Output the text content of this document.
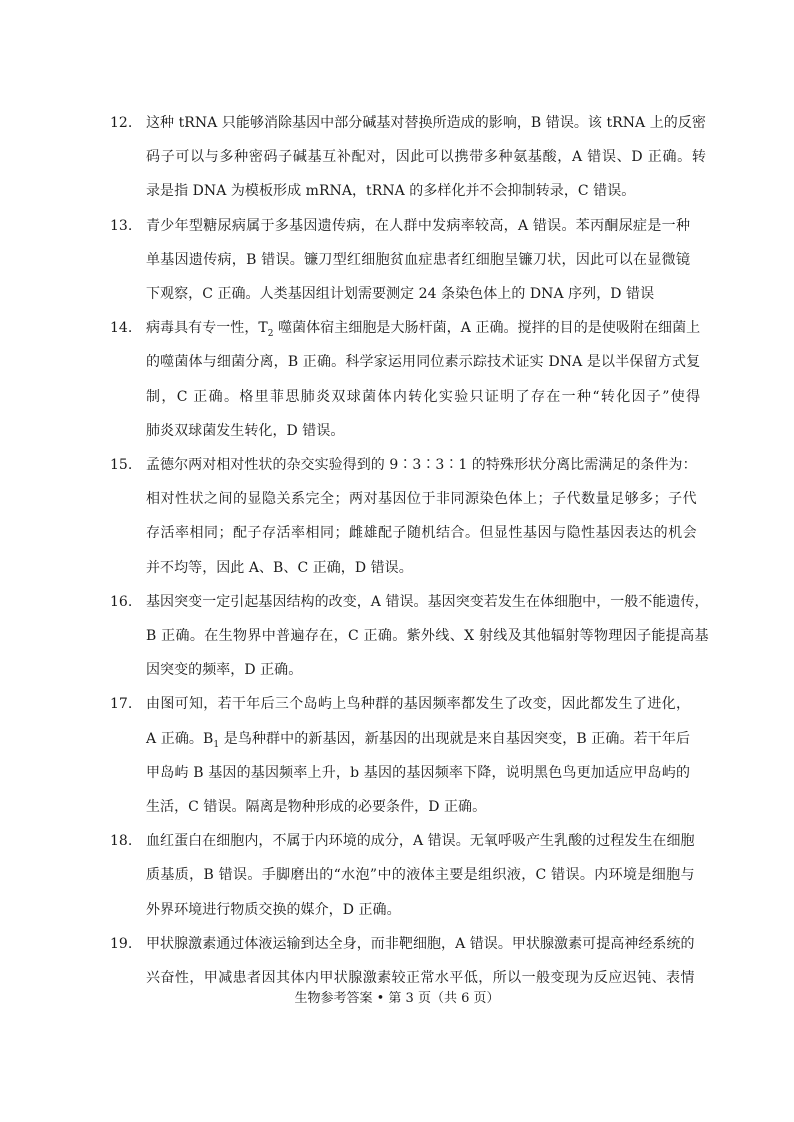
12. 这种 tRNA 只能够消除基因中部分碱基对替换所造成的影响，B 错误。该 tRNA 上的反密
码子可以与多种密码子碱基互补配对，因此可以携带多种氨基酸，A 错误、D 正确。转
录是指 DNA 为模板形成 mRNA，tRNA 的多样化并不会抑制转录，C 错误。
13. 青少年型糖尿病属于多基因遗传病，在人群中发病率较高，A 错误。苯丙酮尿症是一种
单基因遗传病，B 错误。镰刀型红细胞贫血症患者红细胞呈镰刀状，因此可以在显微镜
下观察，C 正确。人类基因组计划需要测定 24 条染色体上的 DNA 序列，D 错误
14. 病毒具有专一性，$T_2$ 噬菌体宿主细胞是大肠杆菌，A 正确。搅拌的目的是使吸附在细菌上
的噬菌体与细菌分离，B 正确。科学家运用同位素示踪技术证实 DNA 是以半保留方式复
制，C 正确。格里菲思肺炎双球菌体内转化实验只证明了存在一种“转化因子”使得
肺炎双球菌发生转化，D 错误。
15. 孟德尔两对相对性状的杂交实验得到的 9∶3∶3∶1 的特殊形状分离比需满足的条件为：
相对性状之间的显隐关系完全；两对基因位于非同源染色体上；子代数量足够多；子代
存活率相同；配子存活率相同；雌雄配子随机结合。但显性基因与隐性基因表达的机会
并不均等，因此 A、B、C 正确，D 错误。
16. 基因突变一定引起基因结构的改变，A 错误。基因突变若发生在体细胞中，一般不能遗传，
B 正确。在生物界中普遍存在，C 正确。紫外线、X 射线及其他辐射等物理因子能提高基
因突变的频率，D 正确。
17. 由图可知，若干年后三个岛屿上鸟种群的基因频率都发生了改变，因此都发生了进化，
A 正确。$B_1$ 是鸟种群中的新基因，新基因的出现就是来自基因突变，B 正确。若干年后
甲岛屿 B 基因的基因频率上升，b 基因的基因频率下降，说明黑色鸟更加适应甲岛屿的
生活，C 错误。隔离是物种形成的必要条件，D 正确。
18. 血红蛋白在细胞内，不属于内环境的成分，A 错误。无氧呼吸产生乳酸的过程发生在细胞
质基质，B 错误。手脚磨出的“水泡”中的液体主要是组织液，C 错误。内环境是细胞与
外界环境进行物质交换的媒介，D 正确。
19. 甲状腺激素通过体液运输到达全身，而非靶细胞，A 错误。甲状腺激素可提高神经系统的
兴奋性，甲减患者因其体内甲状腺激素较正常水平低，所以一般变现为反应迟钝、表情
生物参考答案 • 第 3 页（共 6 页）
